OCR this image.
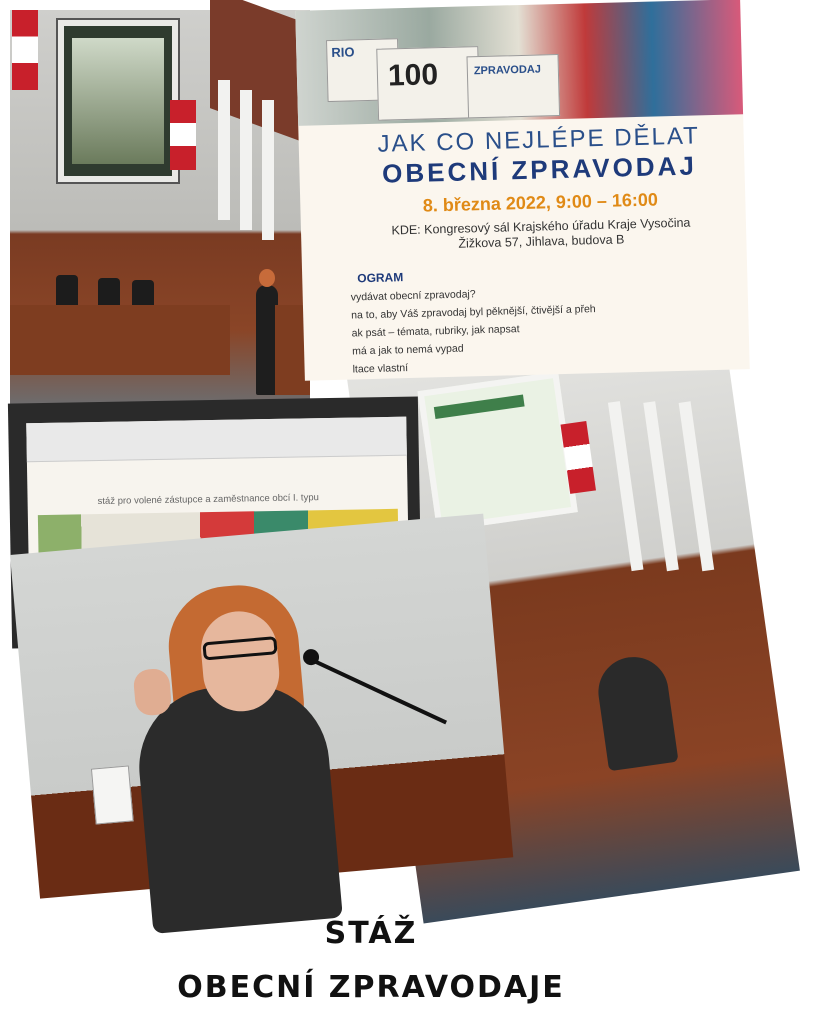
RIO
100	ZPRAVODAJ
JAK CO NEJLÉPE DĚLAT
OBECNÍ ZPRAVODAJ
8. března 2022, 9:00 – 16:00
KDE: Kongresový sál Krajského úřadu Kraje Vysočina
Žižkova 57, Jihlava, budova B
OGRAM
vydávat obecní zpravodaj?
na to, aby Váš zpravodaj byl pěknější, čtivější a přeh
ak psát – témata, rubriky, jak napsat
má a jak to nemá vypad
ltace vlastní
stáž pro volené zástupce a zaměstnance obcí I. typu
STÁŽ
OBECNÍ ZPRAVODAJE
